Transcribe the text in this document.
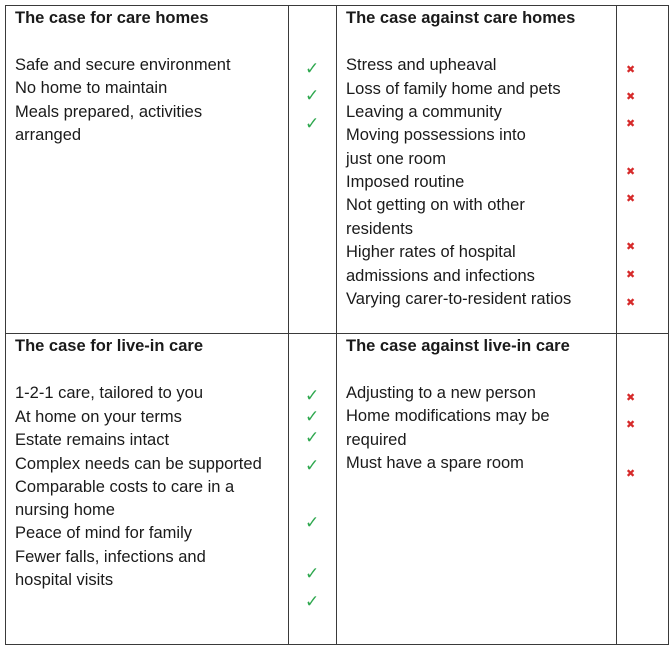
The case for care homes
Safe and secure environment
No home to maintain
Meals prepared, activities
arranged
✓
✓
✓
The case against care homes
Stress and upheaval
Loss of family home and pets
Leaving a community
Moving possessions into
just one room
Imposed routine
Not getting on with other
residents
Higher rates of hospital
admissions and infections
Varying carer-to-resident ratios
✖
✖
✖
✖
✖
✖
✖
✖
The case for live-in care
1-2-1 care, tailored to you
At home on your terms
Estate remains intact
Complex needs can be supported
Comparable costs to care in a
nursing home
Peace of mind for family
Fewer falls, infections and
hospital visits
✓
✓
✓
✓
✓
✓
✓
The case against live-in care
Adjusting to a new person
Home modifications may be
required
Must have a spare room
✖
✖
✖
